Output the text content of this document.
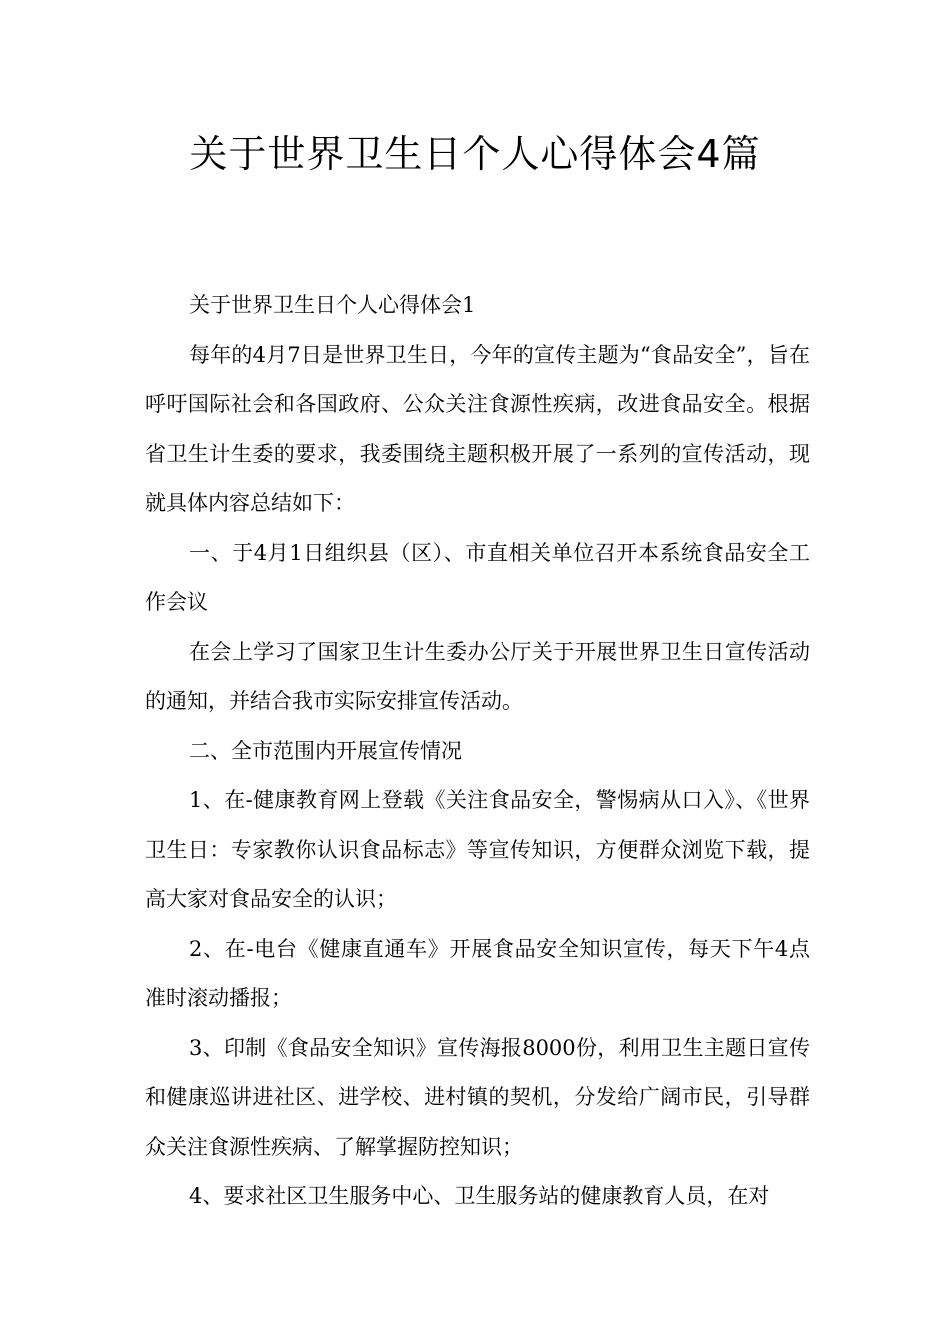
关于世界卫生日个人心得体会4篇

关于世界卫生日个人心得体会1

每年的4月7日是世界卫生日，今年的宣传主题为“食品安全”，旨在呼吁国际社会和各国政府、公众关注食源性疾病，改进食品安全。根据省卫生计生委的要求，我委围绕主题积极开展了一系列的宣传活动，现就具体内容总结如下：

一、于4月1日组织县（区）、市直相关单位召开本系统食品安全工作会议

在会上学习了国家卫生计生委办公厅关于开展世界卫生日宣传活动的通知，并结合我市实际安排宣传活动。

二、全市范围内开展宣传情况

1、在-健康教育网上登载《关注食品安全，警惕病从口入》、《世界卫生日：专家教你认识食品标志》等宣传知识，方便群众浏览下载，提高大家对食品安全的认识；

2、在-电台《健康直通车》开展食品安全知识宣传，每天下午4点准时滚动播报；

3、印制《食品安全知识》宣传海报8000份，利用卫生主题日宣传和健康巡讲进社区、进学校、进村镇的契机，分发给广阔市民，引导群众关注食源性疾病、了解掌握防控知识；

4、要求社区卫生服务中心、卫生服务站的健康教育人员，在对
